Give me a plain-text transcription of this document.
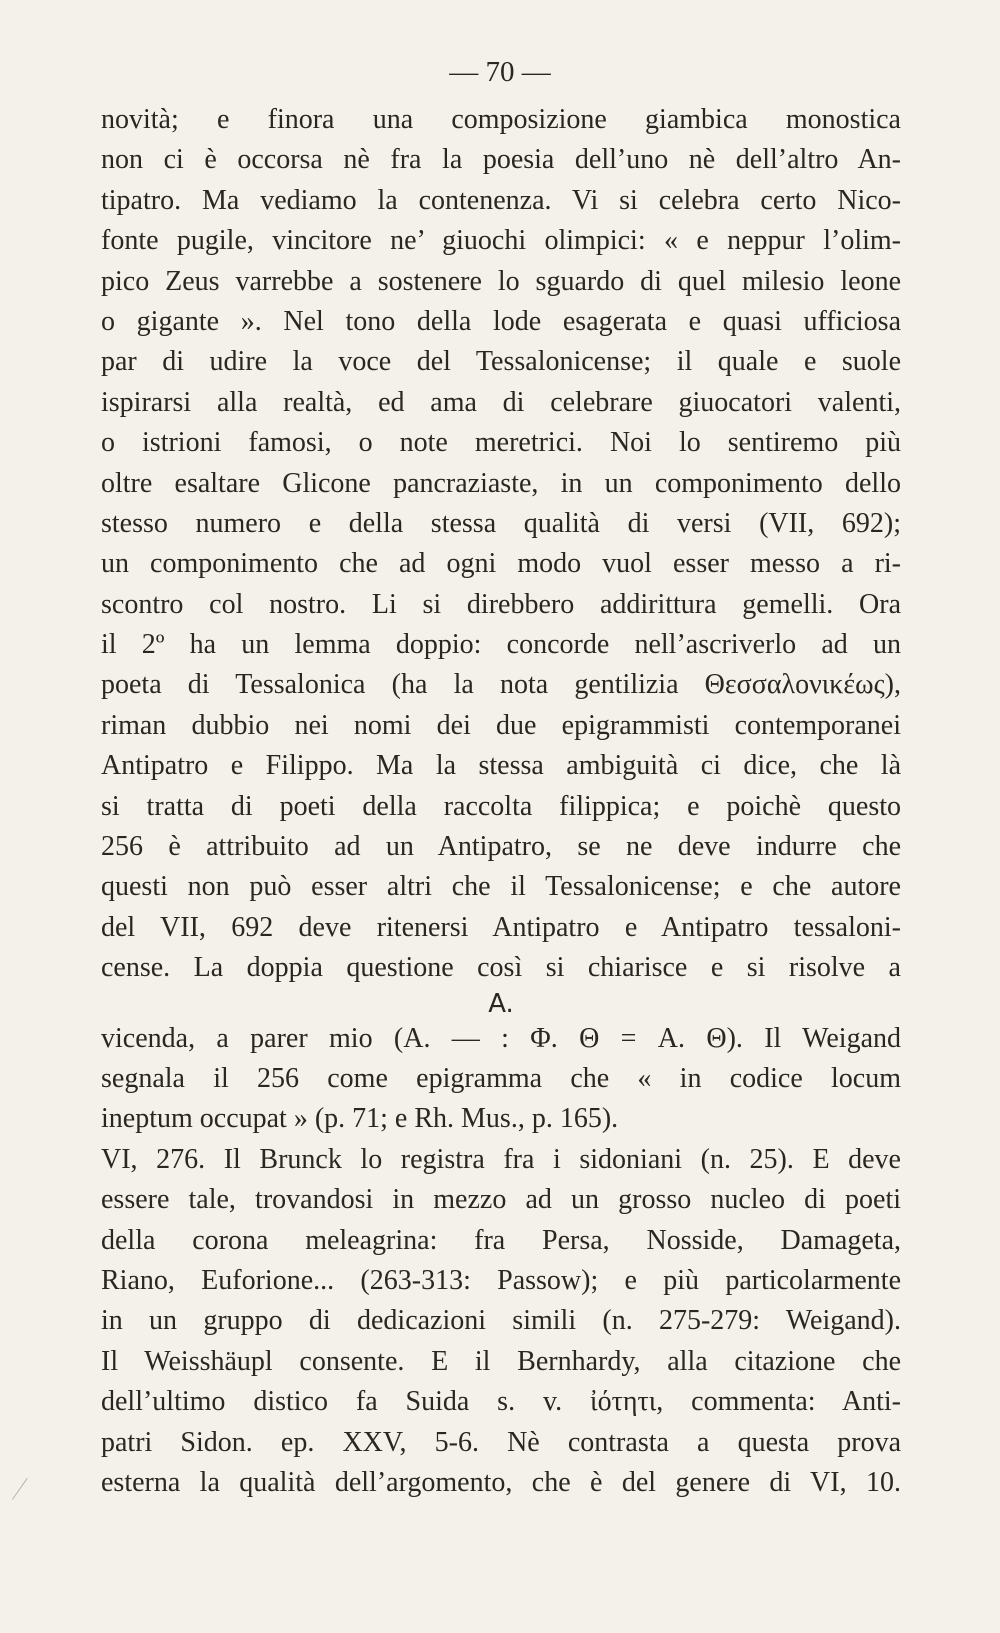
— 70 —
novità; e finora una composizione giambica monostica
non ci è occorsa nè fra la poesia dell’uno nè dell’altro An-
tipatro. Ma vediamo la contenenza. Vi si celebra certo Nico-
fonte pugile, vincitore ne’ giuochi olimpici: « e neppur l’olim-
pico Zeus varrebbe a sostenere lo sguardo di quel milesio leone
o gigante ». Nel tono della lode esagerata e quasi ufficiosa
par di udire la voce del Tessalonicense; il quale e suole
ispirarsi alla realtà, ed ama di celebrare giuocatori valenti,
o istrioni famosi, o note meretrici. Noi lo sentiremo più
oltre esaltare Glicone pancraziaste, in un componimento dello
stesso numero e della stessa qualità di versi (VII, 692);
un componimento che ad ogni modo vuol esser messo a ri-
scontro col nostro. Li si direbbero addirittura gemelli. Ora
il 2º ha un lemma doppio: concorde nell’ascriverlo ad un
poeta di Tessalonica (ha la nota gentilizia Θεσσαλονικέως),
riman dubbio nei nomi dei due epigrammisti contemporanei
Antipatro e Filippo. Ma la stessa ambiguità ci dice, che là
si tratta di poeti della raccolta filippica; e poichè questo
256 è attribuito ad un Antipatro, se ne deve indurre che
questi non può esser altri che il Tessalonicense; e che autore
del VII, 692 deve ritenersi Antipatro e Antipatro tessaloni-
cense. La doppia questione così si chiarisce e si risolve a
A.
vicenda, a parer mio (A. — : Φ. Θ = A. Θ). Il Weigand
segnala il 256 come epigramma che « in codice locum
ineptum occupat » (p. 71; e Rh. Mus., p. 165).
VI, 276. Il Brunck lo registra fra i sidoniani (n. 25). E deve
essere tale, trovandosi in mezzo ad un grosso nucleo di poeti
della corona meleagrina: fra Persa, Nosside, Damageta,
Riano, Euforione... (263-313: Passow); e più particolarmente
in un gruppo di dedicazioni simili (n. 275-279: Weigand).
Il Weisshäupl consente. E il Bernhardy, alla citazione che
dell’ultimo distico fa Suida s. v. ἰότητι, commenta: Anti-
patri Sidon. ep. XXV, 5-6. Nè contrasta a questa prova
esterna la qualità dell’argomento, che è del genere di VI, 10.
